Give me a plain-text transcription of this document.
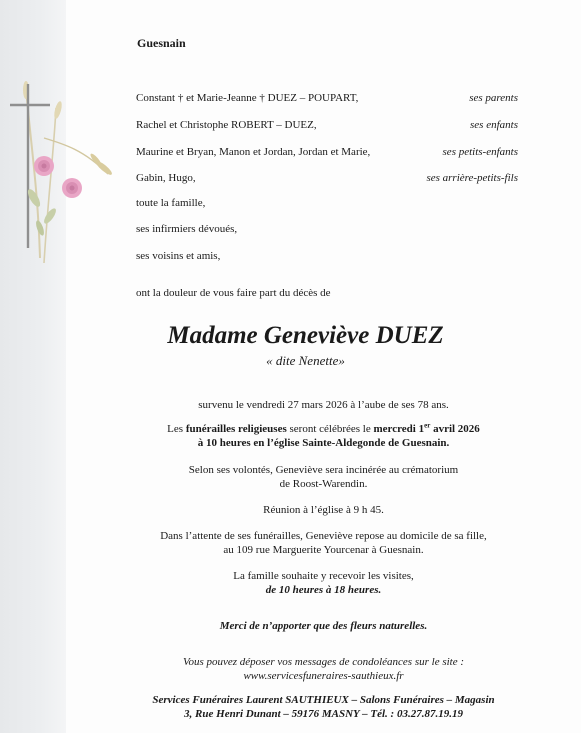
Guesnain
Constant † et Marie-Jeanne † DUEZ – POUPART,	ses parents
Rachel et Christophe ROBERT – DUEZ,	ses enfants
Maurine et Bryan, Manon et Jordan, Jordan et Marie,	ses petits-enfants
Gabin, Hugo,	ses arrière-petits-fils
toute la famille,
ses infirmiers dévoués,
ses voisins et amis,
ont la douleur de vous faire part du décès de
Madame Geneviève DUEZ
« dite Nenette»
survenu le vendredi 27 mars 2026 à l’aube de ses 78 ans.
Les funérailles religieuses seront célébrées le mercredi 1er avril 2026
à 10 heures en l’église Sainte-Aldegonde de Guesnain.
Selon ses volontés, Geneviève sera incinérée au crématorium
de Roost-Warendin.
Réunion à l’église à 9 h 45.
Dans l’attente de ses funérailles, Geneviève repose au domicile de sa fille,
au 109 rue Marguerite Yourcenar à Guesnain.
La famille souhaite y recevoir les visites,
de 10 heures à 18 heures.
Merci de n’apporter que des fleurs naturelles.
Vous pouvez déposer vos messages de condoléances sur le site :
www.servicesfuneraires-sauthieux.fr
Services Funéraires Laurent SAUTHIEUX – Salons Funéraires – Magasin
3, Rue Henri Dunant – 59176 MASNY – Tél. : 03.27.87.19.19
